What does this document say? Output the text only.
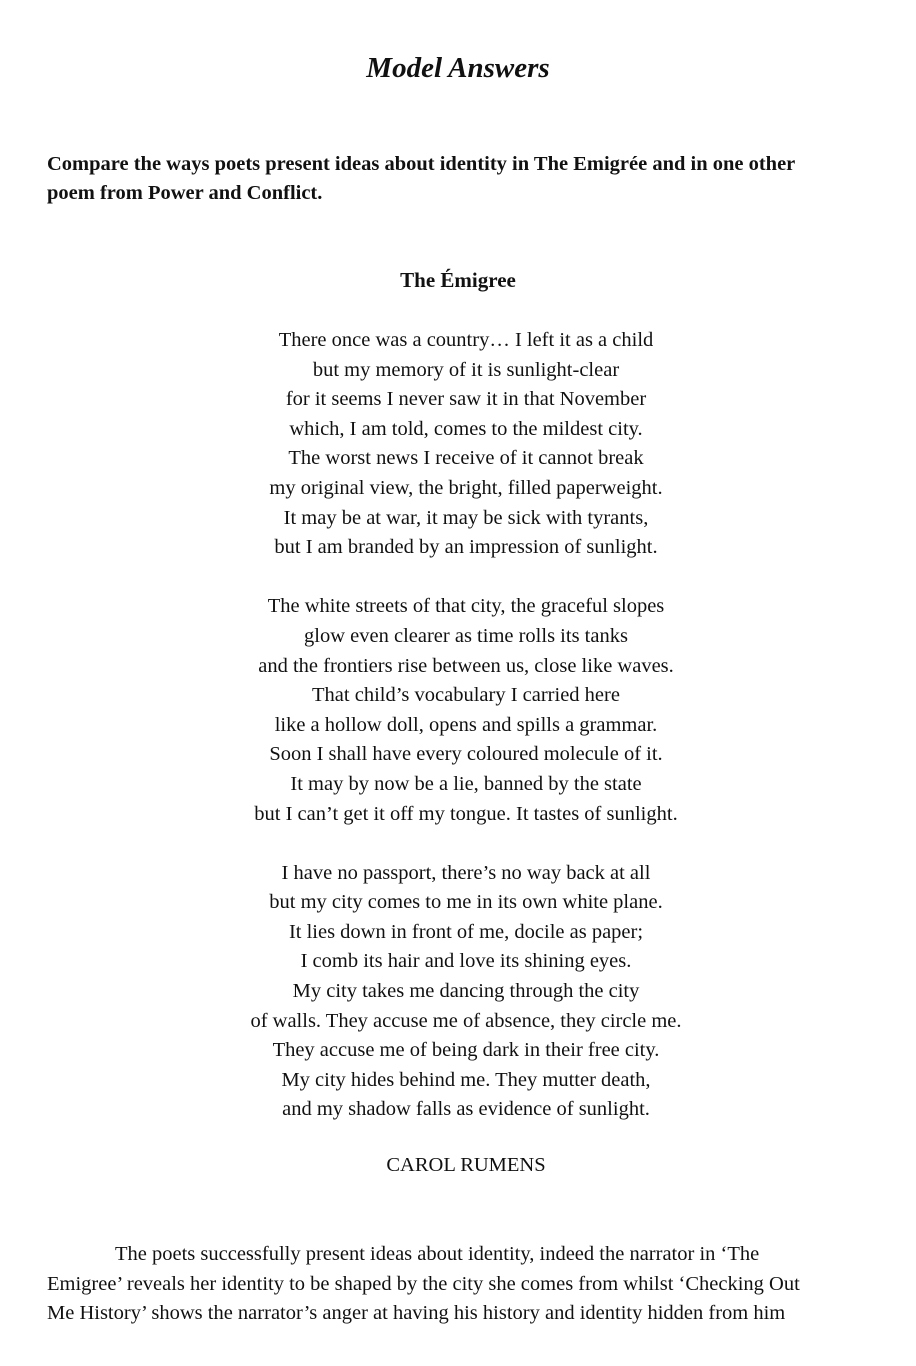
Model Answers

Compare the ways poets present ideas about identity in The Emigrée and in one other
poem from Power and Conflict.

The Émigree
There once was a country… I left it as a child
but my memory of it is sunlight-clear
for it seems I never saw it in that November
which, I am told, comes to the mildest city.
The worst news I receive of it cannot break
my original view, the bright, filled paperweight.
It may be at war, it may be sick with tyrants,
but I am branded by an impression of sunlight.
The white streets of that city, the graceful slopes
glow even clearer as time rolls its tanks
and the frontiers rise between us, close like waves.
That child’s vocabulary I carried here
like a hollow doll, opens and spills a grammar.
Soon I shall have every coloured molecule of it.
It may by now be a lie, banned by the state
but I can’t get it off my tongue. It tastes of sunlight.
I have no passport, there’s no way back at all
but my city comes to me in its own white plane.
It lies down in front of me, docile as paper;
I comb its hair and love its shining eyes.
My city takes me dancing through the city
of walls. They accuse me of absence, they circle me.
They accuse me of being dark in their free city.
My city hides behind me. They mutter death,
and my shadow falls as evidence of sunlight.

CAROL RUMENS

The poets successfully present ideas about identity, indeed the narrator in ‘The
Emigree’ reveals her identity to be shaped by the city she comes from whilst ‘Checking Out
Me History’ shows the narrator’s anger at having his history and identity hidden from him
